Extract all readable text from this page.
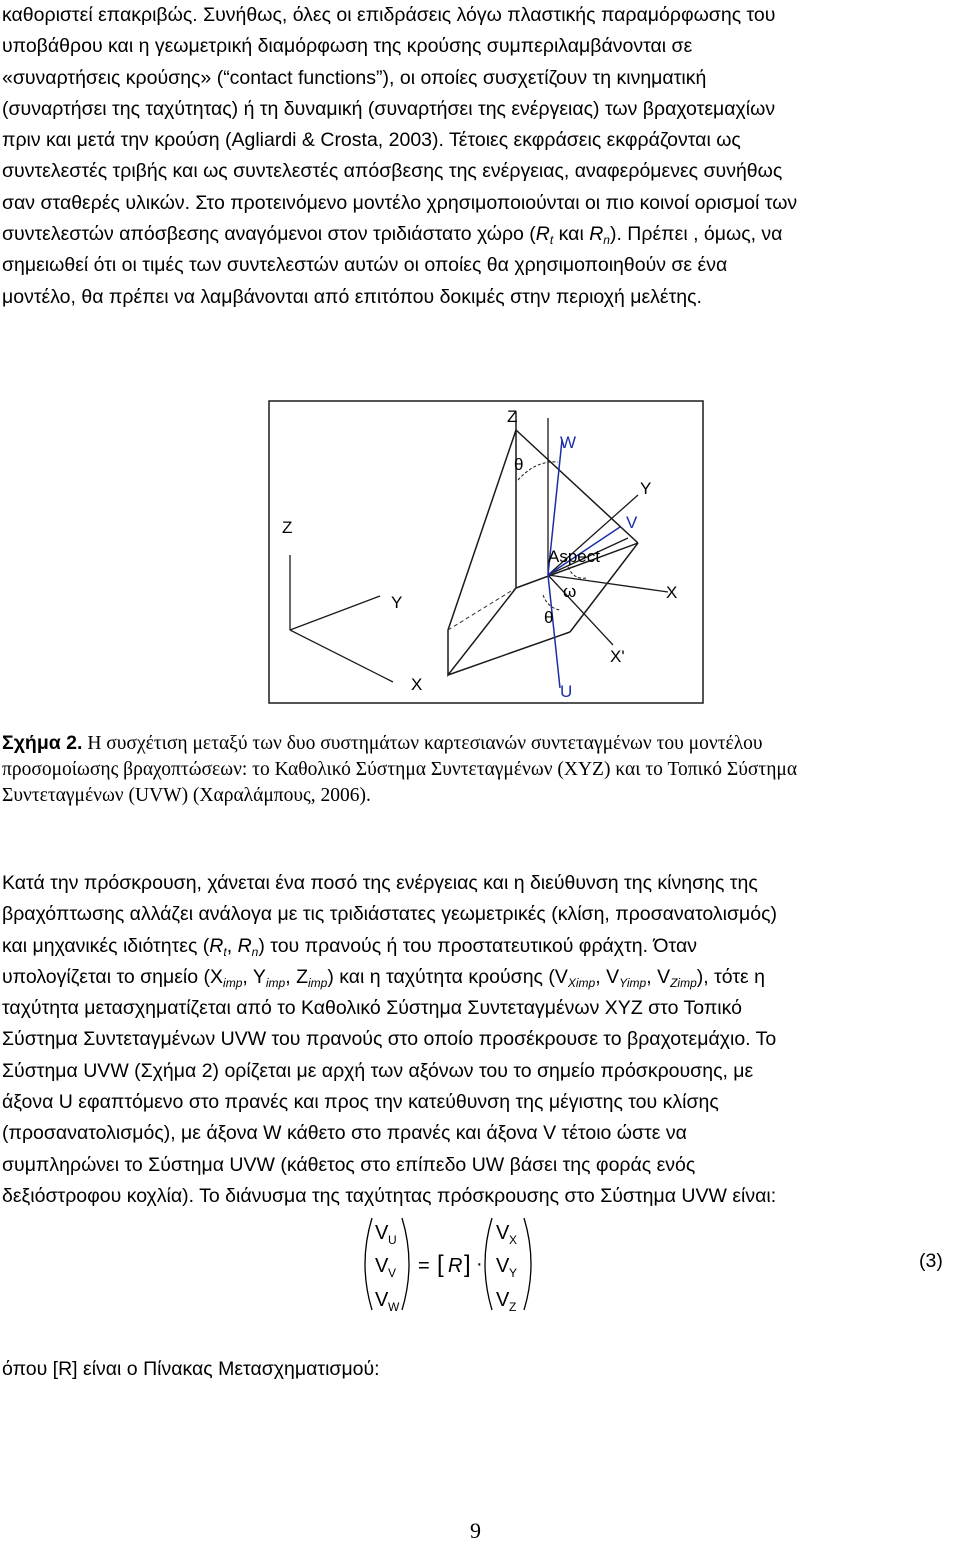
καθοριστεί επακριβώς. Συνήθως, όλες οι επιδράσεις λόγω πλαστικής παραμόρφωσης του

υποβάθρου και η γεωμετρική διαμόρφωση της κρούσης συμπεριλαμβάνονται σε

«συναρτήσεις κρούσης» (“contact functions”), οι οποίες συσχετίζουν τη κινηματική

(συναρτήσει της ταχύτητας) ή τη δυναμική (συναρτήσει της ενέργειας) των βραχοτεμαχίων

πριν και μετά την κρούση (Agliardi & Crosta, 2003). Τέτοιες εκφράσεις εκφράζονται ως

συντελεστές τριβής και ως συντελεστές απόσβεσης της ενέργειας, αναφερόμενες συνήθως

σαν σταθερές υλικών. Στο προτεινόμενο μοντέλο χρησιμοποιούνται οι πιο κοινοί ορισμοί των

συντελεστών απόσβεσης αναγόμενοι στον τριδιάστατο χώρο ($R_t$ και $R_n$). Πρέπει , όμως, να

σημειωθεί ότι οι τιμές των συντελεστών αυτών οι οποίες θα χρησιμοποιηθούν σε ένα

μοντέλο, θα πρέπει να λαμβάνονται από επιτόπου δοκιμές στην περιοχή μελέτης.

Z
Y
X
Z
W
θ
Y
V
Aspect
ω	X
θ
X'
U
Σχήμα 2. Η συσχέτιση μεταξύ των δυο συστημάτων καρτεσιανών συντεταγμένων του μοντέλου
προσομοίωσης βραχοπτώσεων: το Καθολικό Σύστημα Συντεταγμένων (XYZ) και το Τοπικό Σύστημα
Συντεταγμένων (UVW) (Χαραλάμπους, 2006).

Κατά την πρόσκρουση, χάνεται ένα ποσό της ενέργειας και η διεύθυνση της κίνησης της

βραχόπτωσης αλλάζει ανάλογα με τις τριδιάστατες γεωμετρικές (κλίση, προσανατολισμός)

και μηχανικές ιδιότητες ($R_t$, $R_n$) του πρανούς ή του προστατευτικού φράχτη. Όταν

υπολογίζεται το σημείο ($X_{imp}$, $Y_{imp}$, $Z_{imp}$) και η ταχύτητα κρούσης ($V_{Ximp}$, $V_{Yimp}$, $V_{Zimp}$), τότε η

ταχύτητα μετασχηματίζεται από το Καθολικό Σύστημα Συντεταγμένων XYZ στο Τοπικό

Σύστημα Συντεταγμένων UVW του πρανούς στο οποίο προσέκρουσε το βραχοτεμάχιο. Το

Σύστημα UVW (Σχήμα 2) ορίζεται με αρχή των αξόνων του το σημείο πρόσκρουσης, με

άξονα U εφαπτόμενο στο πρανές και προς την κατεύθυνση της μέγιστης του κλίσης

(προσανατολισμός), με άξονα W κάθετο στο πρανές και άξονα V τέτοιο ώστε να

συμπληρώνει το Σύστημα UVW (κάθετος στο επίπεδο UW βάσει της φοράς ενός

δεξιόστροφου κοχλία). Το διάνυσμα της ταχύτητας πρόσκρουσης στο Σύστημα UVW είναι:

V U
V V
V W
= [ R ] ·
V X
V Y
V Z
(3)
όπου [R] είναι ο Πίνακας Μετασχηματισμού:
9
